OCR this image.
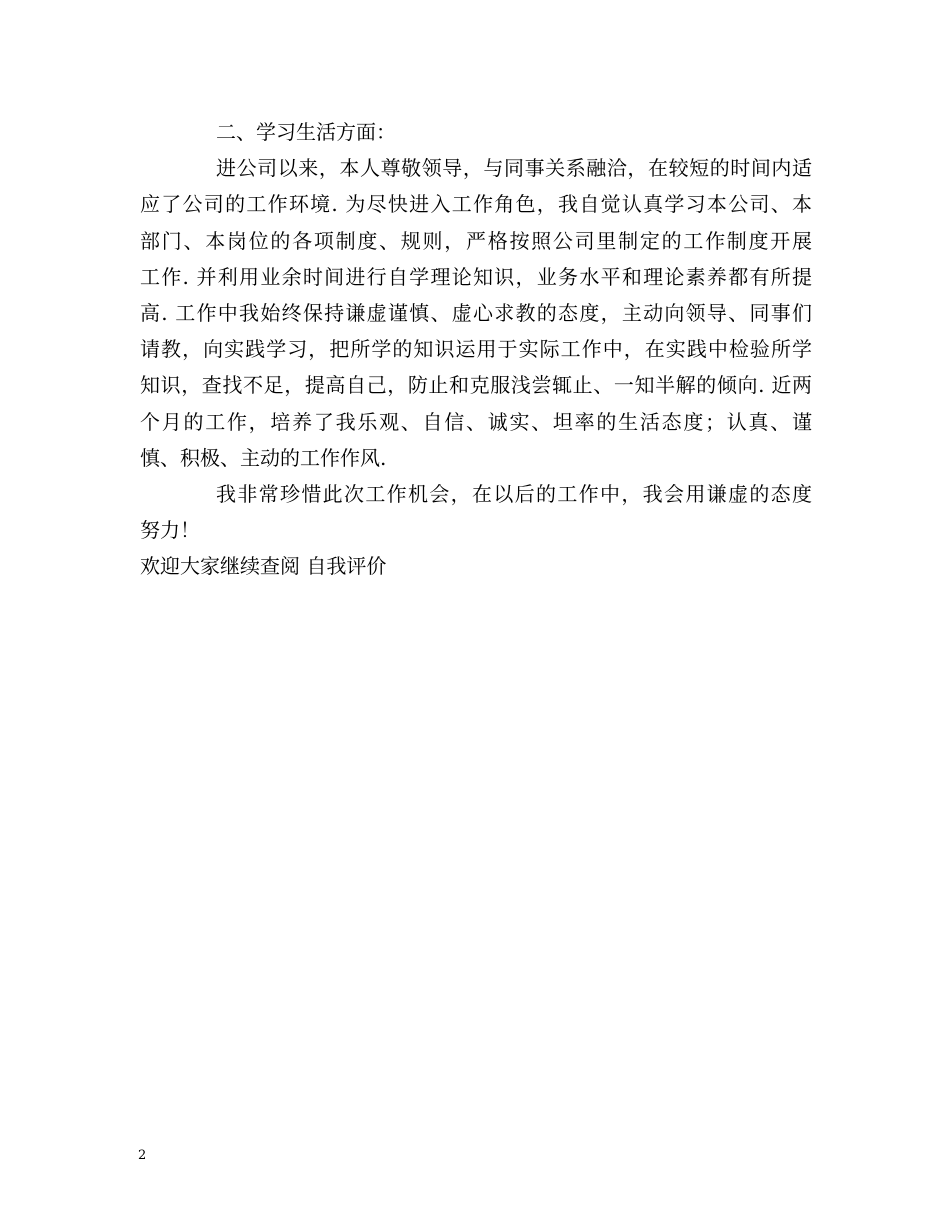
二、学习生活方面：
进公司以来，本人尊敬领导，与同事关系融洽，在较短的时间内适
应了公司的工作环境. 为尽快进入工作角色，我自觉认真学习本公司、本
部门、本岗位的各项制度、规则，严格按照公司里制定的工作制度开展
工作. 并利用业余时间进行自学理论知识，业务水平和理论素养都有所提
高. 工作中我始终保持谦虚谨慎、虚心求教的态度，主动向领导、同事们
请教，向实践学习，把所学的知识运用于实际工作中，在实践中检验所学
知识，查找不足，提高自己，防止和克服浅尝辄止、一知半解的倾向. 近两
个月的工作，培养了我乐观、自信、诚实、坦率的生活态度；认真、谨
慎、积极、主动的工作作风.
我非常珍惜此次工作机会，在以后的工作中，我会用谦虚的态度
努力！
欢迎大家继续查阅 自我评价
2
